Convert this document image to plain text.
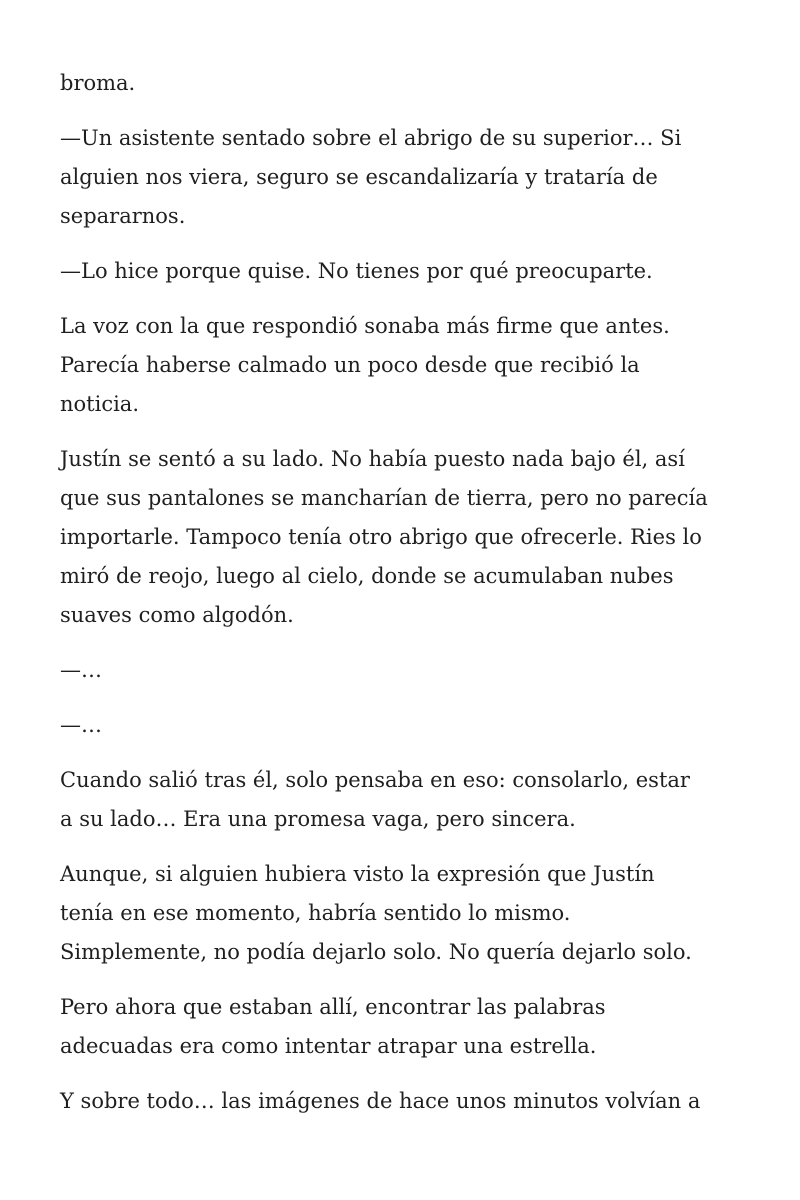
broma.

—Un asistente sentado sobre el abrigo de su superior… Si
alguien nos viera, seguro se escandalizaría y trataría de
separarnos.

—Lo hice porque quise. No tienes por qué preocuparte.

La voz con la que respondió sonaba más firme que antes.
Parecía haberse calmado un poco desde que recibió la
noticia.

Justín se sentó a su lado. No había puesto nada bajo él, así
que sus pantalones se mancharían de tierra, pero no parecía
importarle. Tampoco tenía otro abrigo que ofrecerle. Ries lo
miró de reojo, luego al cielo, donde se acumulaban nubes
suaves como algodón.

—…

—…

Cuando salió tras él, solo pensaba en eso: consolarlo, estar
a su lado… Era una promesa vaga, pero sincera.

Aunque, si alguien hubiera visto la expresión que Justín
tenía en ese momento, habría sentido lo mismo.
Simplemente, no podía dejarlo solo. No quería dejarlo solo.

Pero ahora que estaban allí, encontrar las palabras
adecuadas era como intentar atrapar una estrella.

Y sobre todo… las imágenes de hace unos minutos volvían a
